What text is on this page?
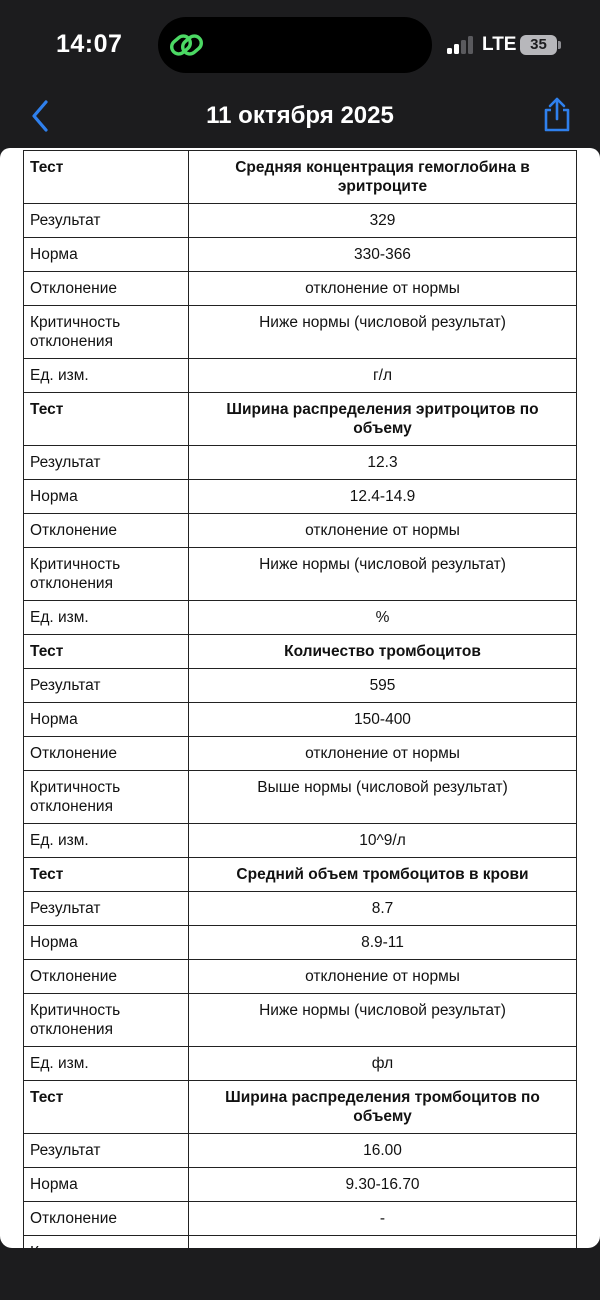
14:07	LTE 35
11 октября 2025
Тест	Средняя концентрация гемоглобина в эритроците
Результат	329
Норма	330-366
Отклонение	отклонение от нормы
Критичность отклонения	Ниже нормы (числовой результат)
Ед. изм.	г/л
Тест	Ширина распределения эритроцитов по объему
Результат	12.3
Норма	12.4-14.9
Отклонение	отклонение от нормы
Критичность отклонения	Ниже нормы (числовой результат)
Ед. изм.	%
Тест	Количество тромбоцитов
Результат	595
Норма	150-400
Отклонение	отклонение от нормы
Критичность отклонения	Выше нормы (числовой результат)
Ед. изм.	10^9/л
Тест	Средний объем тромбоцитов в крови
Результат	8.7
Норма	8.9-11
Отклонение	отклонение от нормы
Критичность отклонения	Ниже нормы (числовой результат)
Ед. изм.	фл
Тест	Ширина распределения тромбоцитов по объему
Результат	16.00
Норма	9.30-16.70
Отклонение	-
